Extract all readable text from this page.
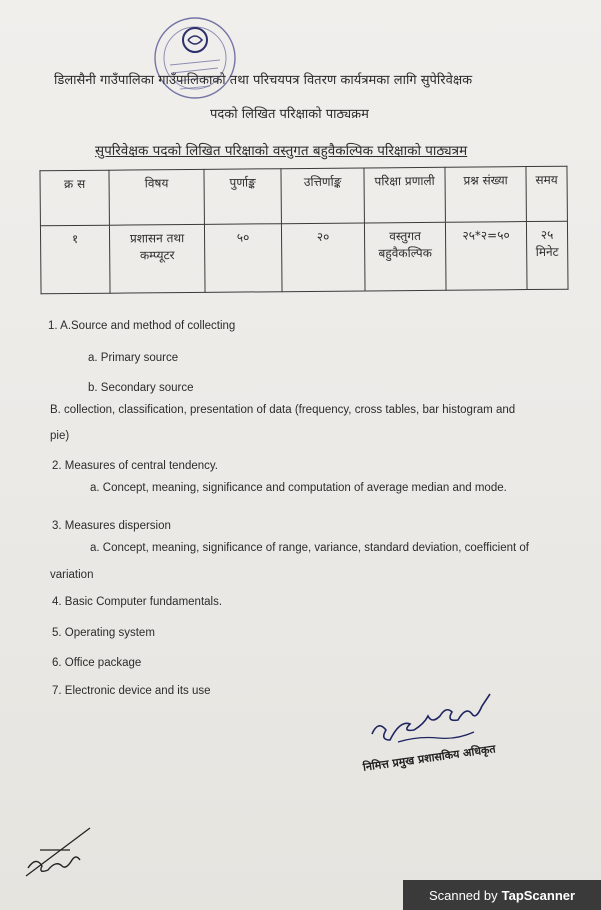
डिलासैनी गाउँपालिका गाउँपालिकाको तथा परिचयपत्र वितरण कार्यत्रमका लागि सुपेरिवेक्षक
पदको लिखित परिक्षाको पाठ्यक्रम
सुपरिवेक्षक पदको लिखित परिक्षाको वस्तुगत बहुवैकल्पिक परिक्षाको पाठ्यत्रम
क्र स	विषय	पुर्णाङ्क	उत्तिर्णाङ्क	परिक्षा प्रणाली	प्रश्न संख्या	समय
१	प्रशासन तथा कम्प्यूटर	५०	२०	वस्तुगत बहुवैकल्पिक	२५*२=५०	२५ मिनेट
1. A.Source and method of collecting
a. Primary source
b. Secondary source
B. collection, classification, presentation of data (frequency, cross tables, bar histogram and
pie)
2. Measures of central tendency.
a. Concept, meaning, significance and computation of average median and mode.
3. Measures dispersion
a. Concept, meaning, significance of range, variance, standard deviation, coefficient of
variation
4. Basic Computer fundamentals.
5. Operating system
6. Office package
7. Electronic device and its use
निमित्त प्रमुख प्रशासकिय अधिकृत
Scanned by TapScanner
